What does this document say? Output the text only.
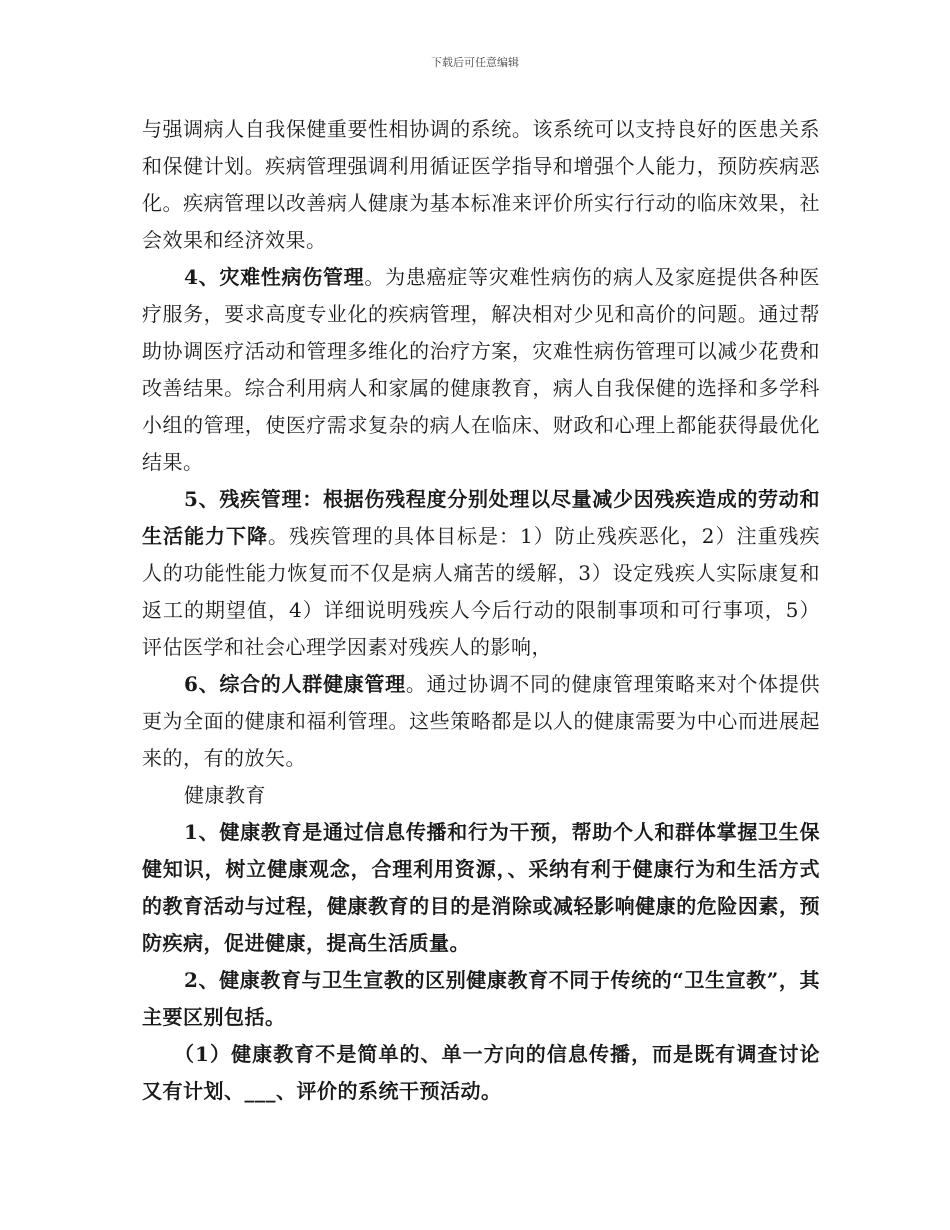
下载后可任意编辑

与强调病人自我保健重要性相协调的系统。该系统可以支持良好的医患关系和保健计划。疾病管理强调利用循证医学指导和增强个人能力，预防疾病恶化。疾病管理以改善病人健康为基本标准来评价所实行行动的临床效果，社会效果和经济效果。

4、灾难性病伤管理。为患癌症等灾难性病伤的病人及家庭提供各种医疗服务，要求高度专业化的疾病管理，解决相对少见和高价的问题。通过帮助协调医疗活动和管理多维化的治疗方案，灾难性病伤管理可以减少花费和改善结果。综合利用病人和家属的健康教育，病人自我保健的选择和多学科小组的管理，使医疗需求复杂的病人在临床、财政和心理上都能获得最优化结果。

5、残疾管理：根据伤残程度分别处理以尽量减少因残疾造成的劳动和生活能力下降。残疾管理的具体目标是：1）防止残疾恶化，2）注重残疾人的功能性能力恢复而不仅是病人痛苦的缓解，3）设定残疾人实际康复和返工的期望值，4）详细说明残疾人今后行动的限制事项和可行事项，5）评估医学和社会心理学因素对残疾人的影响，

6、综合的人群健康管理。通过协调不同的健康管理策略来对个体提供更为全面的健康和福利管理。这些策略都是以人的健康需要为中心而进展起来的，有的放矢。

健康教育

1、健康教育是通过信息传播和行为干预，帮助个人和群体掌握卫生保健知识，树立健康观念，合理利用资源，、采纳有利于健康行为和生活方式的教育活动与过程，健康教育的目的是消除或减轻影响健康的危险因素，预防疾病，促进健康，提高生活质量。

2、健康教育与卫生宣教的区别健康教育不同于传统的“卫生宣教”，其主要区别包括。

（1）健康教育不是简单的、单一方向的信息传播，而是既有调查讨论又有计划、___、评价的系统干预活动。
